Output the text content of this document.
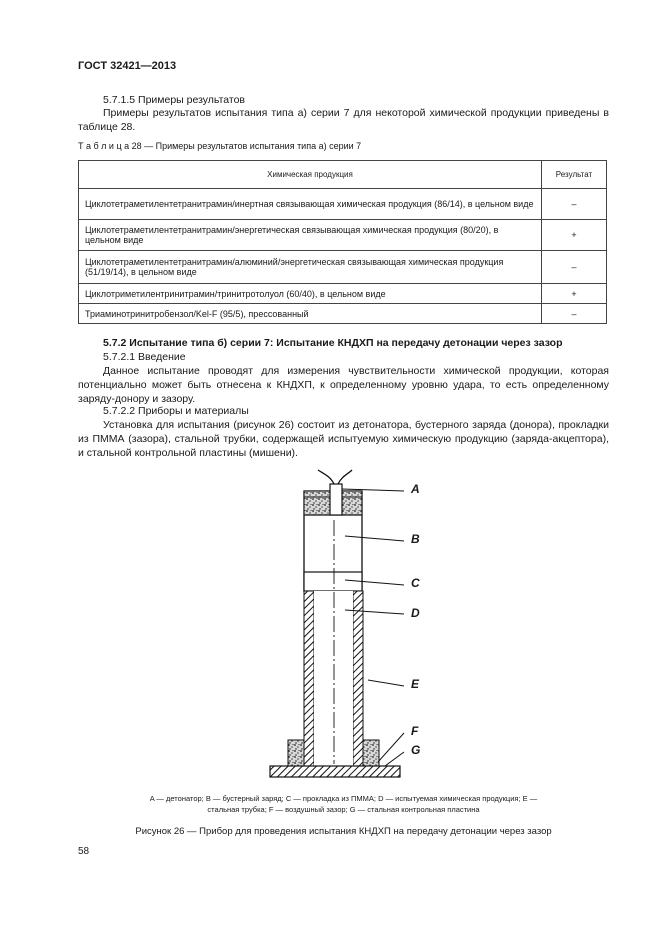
ГОСТ 32421—2013
5.7.1.5 Примеры результатов
Примеры результатов испытания типа а) серии 7 для некоторой химической продукции приведены в таблице 28.
Т а б л и ц а 28 — Примеры результатов испытания типа а) серии 7
Химическая продукция	Результат
Циклотетраметилентетранитрамин/инертная связывающая химическая продукция (86/14), в цельном виде	–
Циклотетраметилентетранитрамин/энергетическая связывающая химическая продукция (80/20), в цельном виде	+
Циклотетраметилентетранитрамин/алюминий/энергетическая связывающая химическая продукция (51/19/14), в цельном виде	–
Циклотриметилентринитрамин/тринитротолуол (60/40), в цельном виде	+
Триаминотринитробензол/Kel-F (95/5), прессованный	–
5.7.2 Испытание типа б) серии 7: Испытание КНДХП на передачу детонации через зазор
5.7.2.1 Введение
Данное испытание проводят для измерения чувствительности химической продукции, которая потенциально может быть отнесена к КНДХП, к определенному уровню удара, то есть определенному заряду-донору и зазору.
5.7.2.2 Приборы и материалы
Установка для испытания (рисунок 26) состоит из детонатора, бустерного заряда (донора), прокладки из ПММА (зазора), стальной трубки, содержащей испытуемую химическую продукцию (заряда-акцептора), и стальной контрольной пластины (мишени).
A
B
C
D
E
F
G
A — детонатор; B — бустерный заряд; C — прокладка из ПММА; D — испытуемая химическая продукция; E —
стальная трубка; F — воздушный зазор; G — стальная контрольная пластина
Рисунок 26 — Прибор для проведения испытания КНДХП на передачу детонации через зазор
58
